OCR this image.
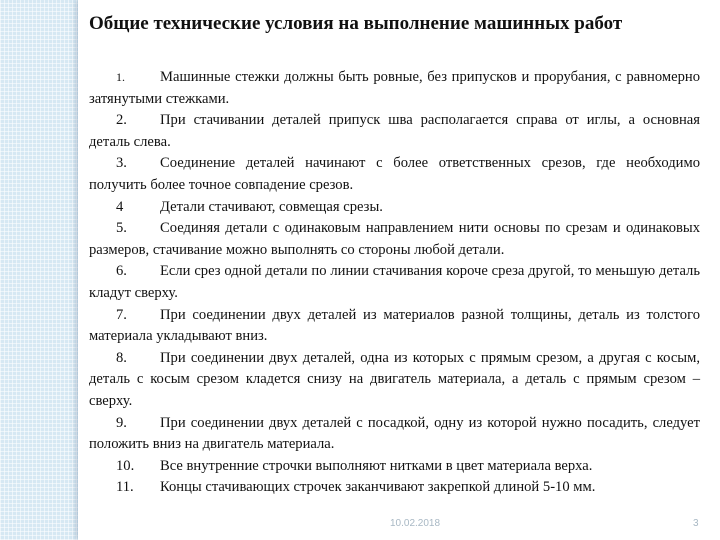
Общие технические условия на выполнение машинных работ

1. Машинные стежки должны быть ровные, без припусков и прорубания, с равномерно затянутыми стежками.

2. При стачивании деталей припуск шва располагается справа от иглы, а основная деталь слева.

3. Соединение деталей начинают с более ответственных срезов, где необходимо получить более точное совпадение срезов.

4	Детали стачивают, совмещая срезы.

5. Соединяя детали с одинаковым направлением нити основы по срезам и одинаковых размеров, стачивание можно выполнять со стороны любой детали.

6. Если срез одной детали по линии стачивания короче среза другой, то меньшую деталь кладут сверху.

7. При соединении двух деталей из материалов разной толщины, деталь из толстого материала укладывают вниз.

8. При соединении двух деталей, одна из которых с прямым срезом, а другая с косым, деталь с косым срезом кладется снизу на двигатель материала, а деталь с прямым срезом – сверху.

9. При соединении двух деталей с посадкой, одну из которой нужно посадить, следует положить вниз на двигатель материала.

10. Все внутренние строчки выполняют нитками в цвет материала верха.

11. Концы стачивающих строчек заканчивают закрепкой длиной 5-10 мм.

10.02.2018	3
